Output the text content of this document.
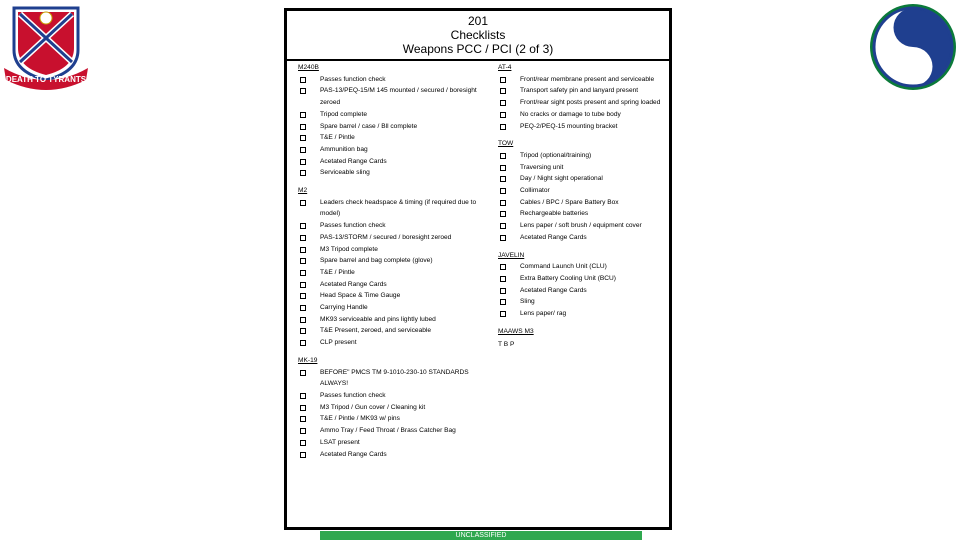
DEATH TO TYRANTS
201
Checklists
Weapons PCC / PCI (2 of 3)
M240B
Passes function check
PAS-13/PEQ-15/M 145 mounted / secured / boresight zeroed
Tripod complete
Spare barrel / case / Bll complete
T&E / Pintle
Ammunition bag
Acetated Range Cards
Serviceable sling
M2
Leaders check headspace & timing (if required due to model)
Passes function check
PAS-13/STORM / secured / boresight zeroed
M3 Tripod complete
Spare barrel and bag complete (glove)
T&E / Pintle
Acetated Range Cards
Head Space & Time Gauge
Carrying Handle
MK93 serviceable and pins lightly lubed
T&E Present, zeroed, and serviceable
CLP present
MK-19
BEFORE" PMCS TM 9-1010-230-10 STANDARDS ALWAYS!
Passes function check
M3 Tripod / Gun cover / Cleaning kit
T&E / Pintle / MK93 w/ pins
Ammo Tray / Feed Throat / Brass Catcher Bag
LSAT present
Acetated Range Cards
AT-4
Front/rear membrane present and serviceable
Transport safety pin and lanyard present
Front/rear sight posts present and spring loaded
No cracks or damage to tube body
PEQ-2/PEQ-15 mounting bracket
TOW
Tripod (optional/training)
Traversing unit
Day / Night sight operational
Collimator
Cables / BPC / Spare Battery Box
Rechargeable batteries
Lens paper / soft brush / equipment cover
Acetated Range Cards
JAVELIN
Command Launch Unit (CLU)
Extra Battery Cooling Unit (BCU)
Acetated Range Cards
Sling
Lens paper/ rag
MAAWS M3
T B P
UNCLASSIFIED
